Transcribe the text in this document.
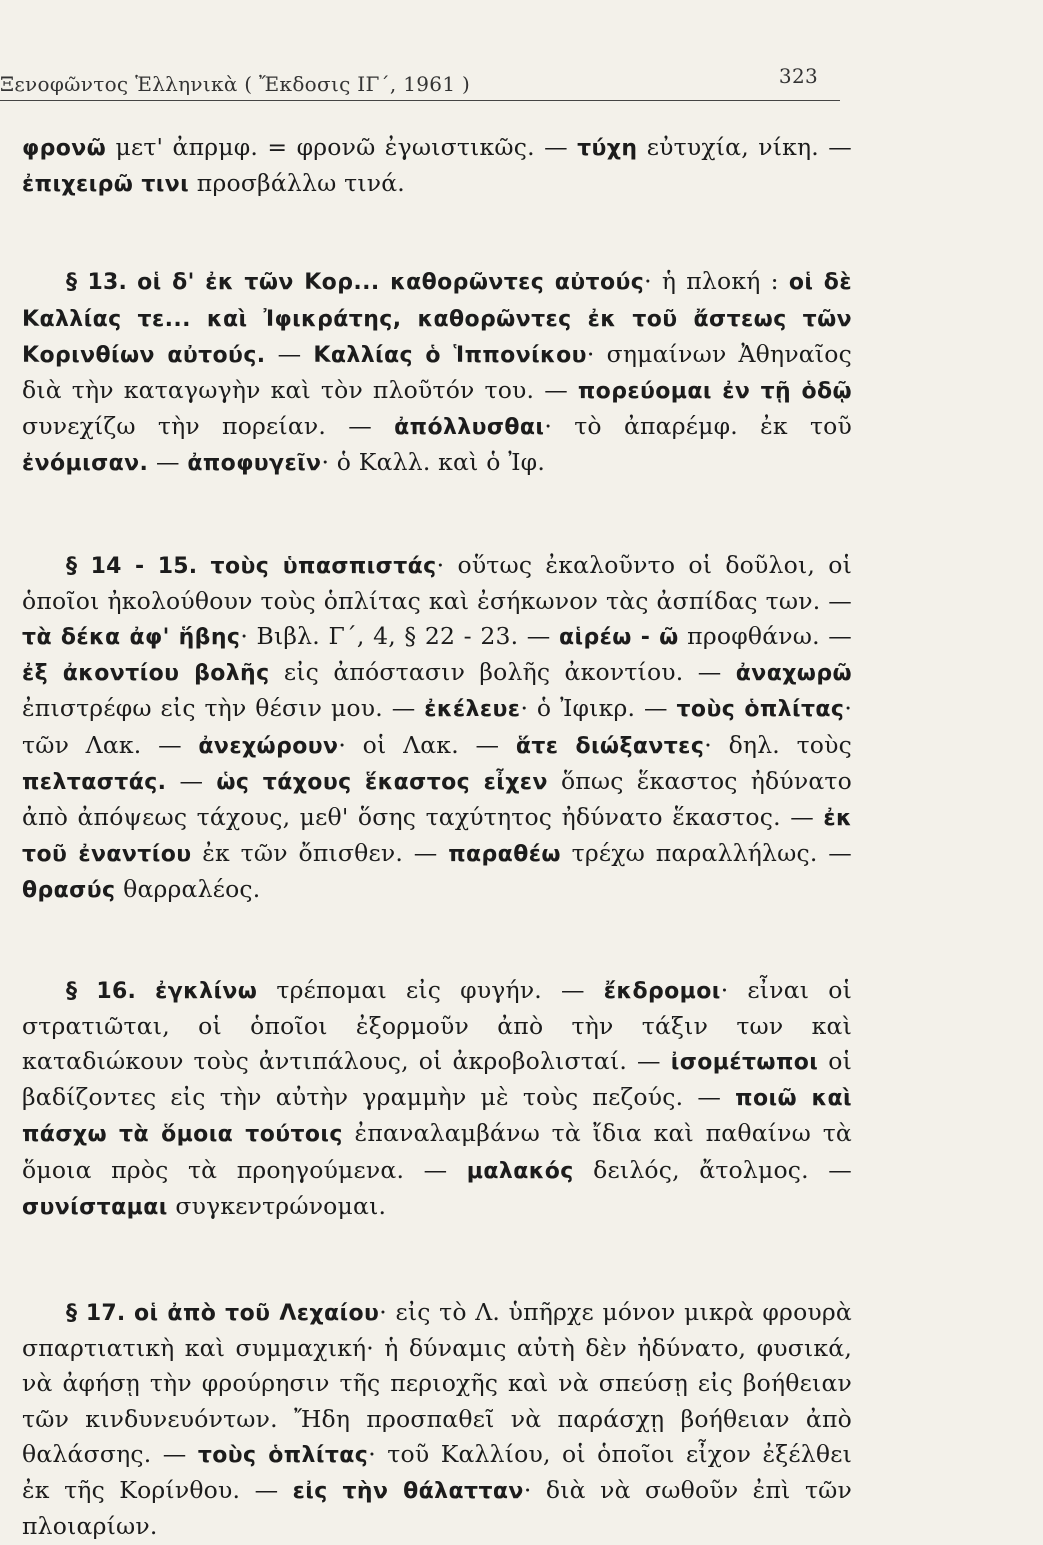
Ξενοφῶντος Ἑλληνικὰ ( Ἔκδοσις ΙΓ΄, 1961 )	323

φρονῶ μετ' ἀπρμφ. = φρονῶ ἐγωιστικῶς. — τύχη εὐτυχία, νίκη. — ἐπιχειρῶ τινι προσβάλλω τινά.

§ 13. οἱ δ' ἐκ τῶν Κορ... καθορῶντες αὐτούς· ἡ πλοκή : οἱ δὲ Καλλίας τε... καὶ Ἰφικράτης, καθορῶντες ἐκ τοῦ ἄστεως τῶν Κορινθίων αὐτούς. — Καλλίας ὁ Ἱππονίκου· σημαίνων Ἀθηναῖος διὰ τὴν καταγωγὴν καὶ τὸν πλοῦτόν του. — πορεύομαι ἐν τῇ ὁδῷ συνεχίζω τὴν πορείαν. — ἀπόλλυσθαι· τὸ ἀπαρέμφ. ἐκ τοῦ ἐνόμισαν. — ἀποφυγεῖν· ὁ Καλλ. καὶ ὁ Ἰφ.

§ 14 - 15. τοὺς ὑπασπιστάς· οὕτως ἐκαλοῦντο οἱ δοῦλοι, οἱ ὁποῖοι ἠκολούθουν τοὺς ὁπλίτας καὶ ἐσήκωνον τὰς ἀσπίδας των. — τὰ δέκα ἀφ' ἥβης· Βιβλ. Γ΄, 4, § 22 - 23. — αἱρέω - ῶ προφθάνω. — ἐξ ἀκοντίου βολῆς εἰς ἀπόστασιν βολῆς ἀκοντίου. — ἀναχωρῶ ἐπιστρέφω εἰς τὴν θέσιν μου. — ἐκέλευε· ὁ Ἰφικρ. — τοὺς ὁπλίτας· τῶν Λακ. — ἀνεχώρουν· οἱ Λακ. — ἅτε διώξαντες· δηλ. τοὺς πελταστάς. — ὡς τάχους ἕκαστος εἶχεν ὅπως ἕκαστος ἠδύνατο ἀπὸ ἀπόψεως τάχους, μεθ' ὅσης ταχύτητος ἠδύνατο ἕκαστος. — ἐκ τοῦ ἐναντίου ἐκ τῶν ὄπισθεν. — παραθέω τρέχω παραλλήλως. — θρασύς θαρραλέος.

§ 16. ἐγκλίνω τρέπομαι εἰς φυγήν. — ἔκδρομοι· εἶναι οἱ στρατιῶται, οἱ ὁποῖοι ἐξορμοῦν ἀπὸ τὴν τάξιν των καὶ καταδιώκουν τοὺς ἀντιπάλους, οἱ ἀκροβολισταί. — ἰσομέτωποι οἱ βαδίζοντες εἰς τὴν αὐτὴν γραμμὴν μὲ τοὺς πεζούς. — ποιῶ καὶ πάσχω τὰ ὅμοια τούτοις ἐπαναλαμβάνω τὰ ἴδια καὶ παθαίνω τὰ ὅμοια πρὸς τὰ προηγούμενα. — μαλακός δειλός, ἄτολμος. — συνίσταμαι συγκεντρώνομαι.

§ 17. οἱ ἀπὸ τοῦ Λεχαίου· εἰς τὸ Λ. ὑπῆρχε μόνον μικρὰ φρουρὰ σπαρτιατικὴ καὶ συμμαχική· ἡ δύναμις αὐτὴ δὲν ἠδύνατο, φυσικά, νὰ ἀφήσῃ τὴν φρούρησιν τῆς περιοχῆς καὶ νὰ σπεύσῃ εἰς βοήθειαν τῶν κινδυνευόντων. Ἤδη προσπαθεῖ νὰ παράσχῃ βοήθειαν ἀπὸ θαλάσσης. — τοὺς ὁπλίτας· τοῦ Καλλίου, οἱ ὁποῖοι εἶχον ἐξέλθει ἐκ τῆς Κορίνθου. — εἰς τὴν θάλατταν· διὰ νὰ σωθοῦν ἐπὶ τῶν πλοιαρίων.
